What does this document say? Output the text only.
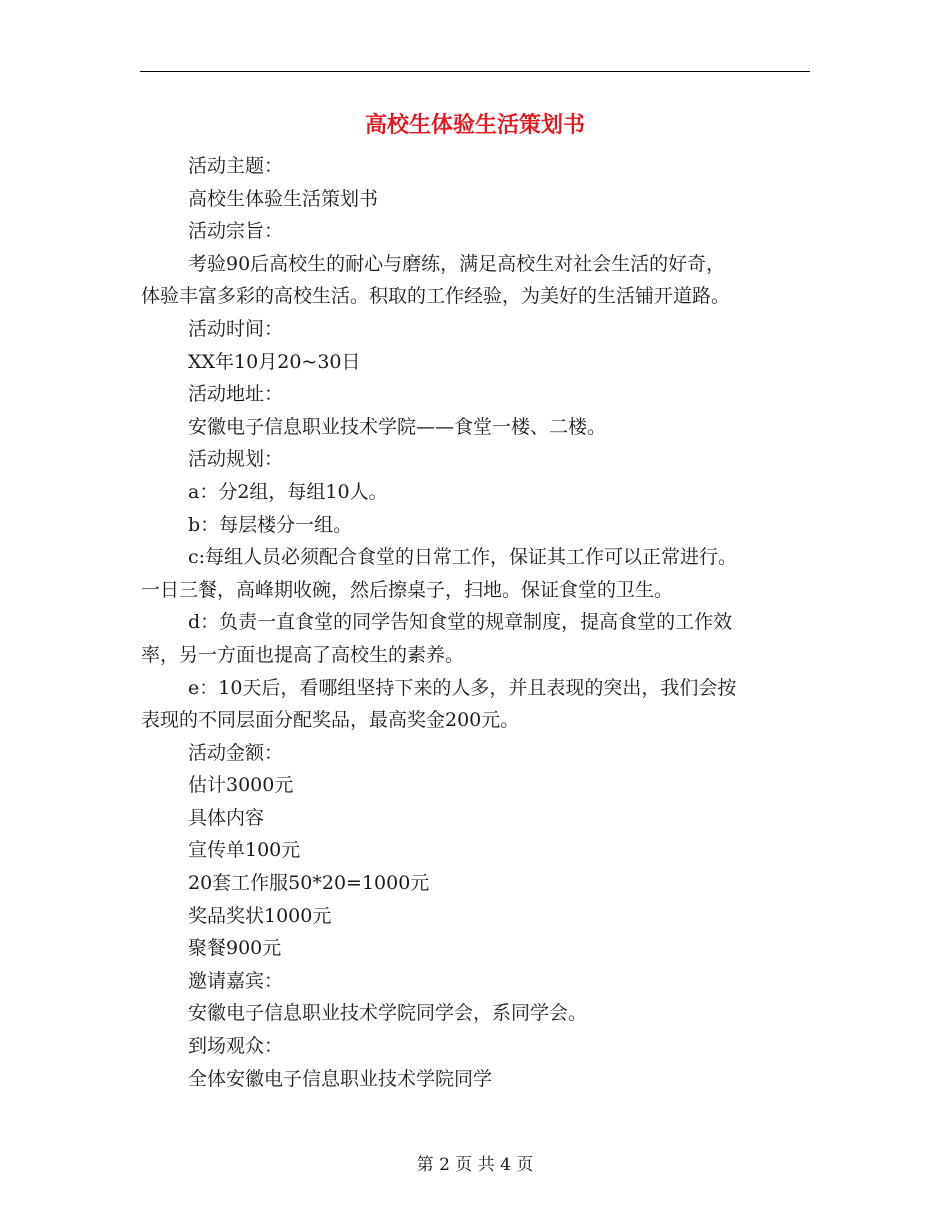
高校生体验生活策划书
活动主题：
高校生体验生活策划书
活动宗旨：
考验90后高校生的耐心与磨练，满足高校生对社会生活的好奇，
体验丰富多彩的高校生活。积取的工作经验，为美好的生活铺开道路。
活动时间：
XX年10月20~30日
活动地址：
安徽电子信息职业技术学院——食堂一楼、二楼。
活动规划：
a：分2组，每组10人。
b：每层楼分一组。
c:每组人员必须配合食堂的日常工作，保证其工作可以正常进行。
一日三餐，高峰期收碗，然后擦桌子，扫地。保证食堂的卫生。
d：负责一直食堂的同学告知食堂的规章制度，提高食堂的工作效
率，另一方面也提高了高校生的素养。
e：10天后，看哪组坚持下来的人多，并且表现的突出，我们会按
表现的不同层面分配奖品，最高奖金200元。
活动金额：
估计3000元
具体内容
宣传单100元
20套工作服50*20=1000元
奖品奖状1000元
聚餐900元
邀请嘉宾：
安徽电子信息职业技术学院同学会，系同学会。
到场观众：
全体安徽电子信息职业技术学院同学
第 2 页 共 4 页
